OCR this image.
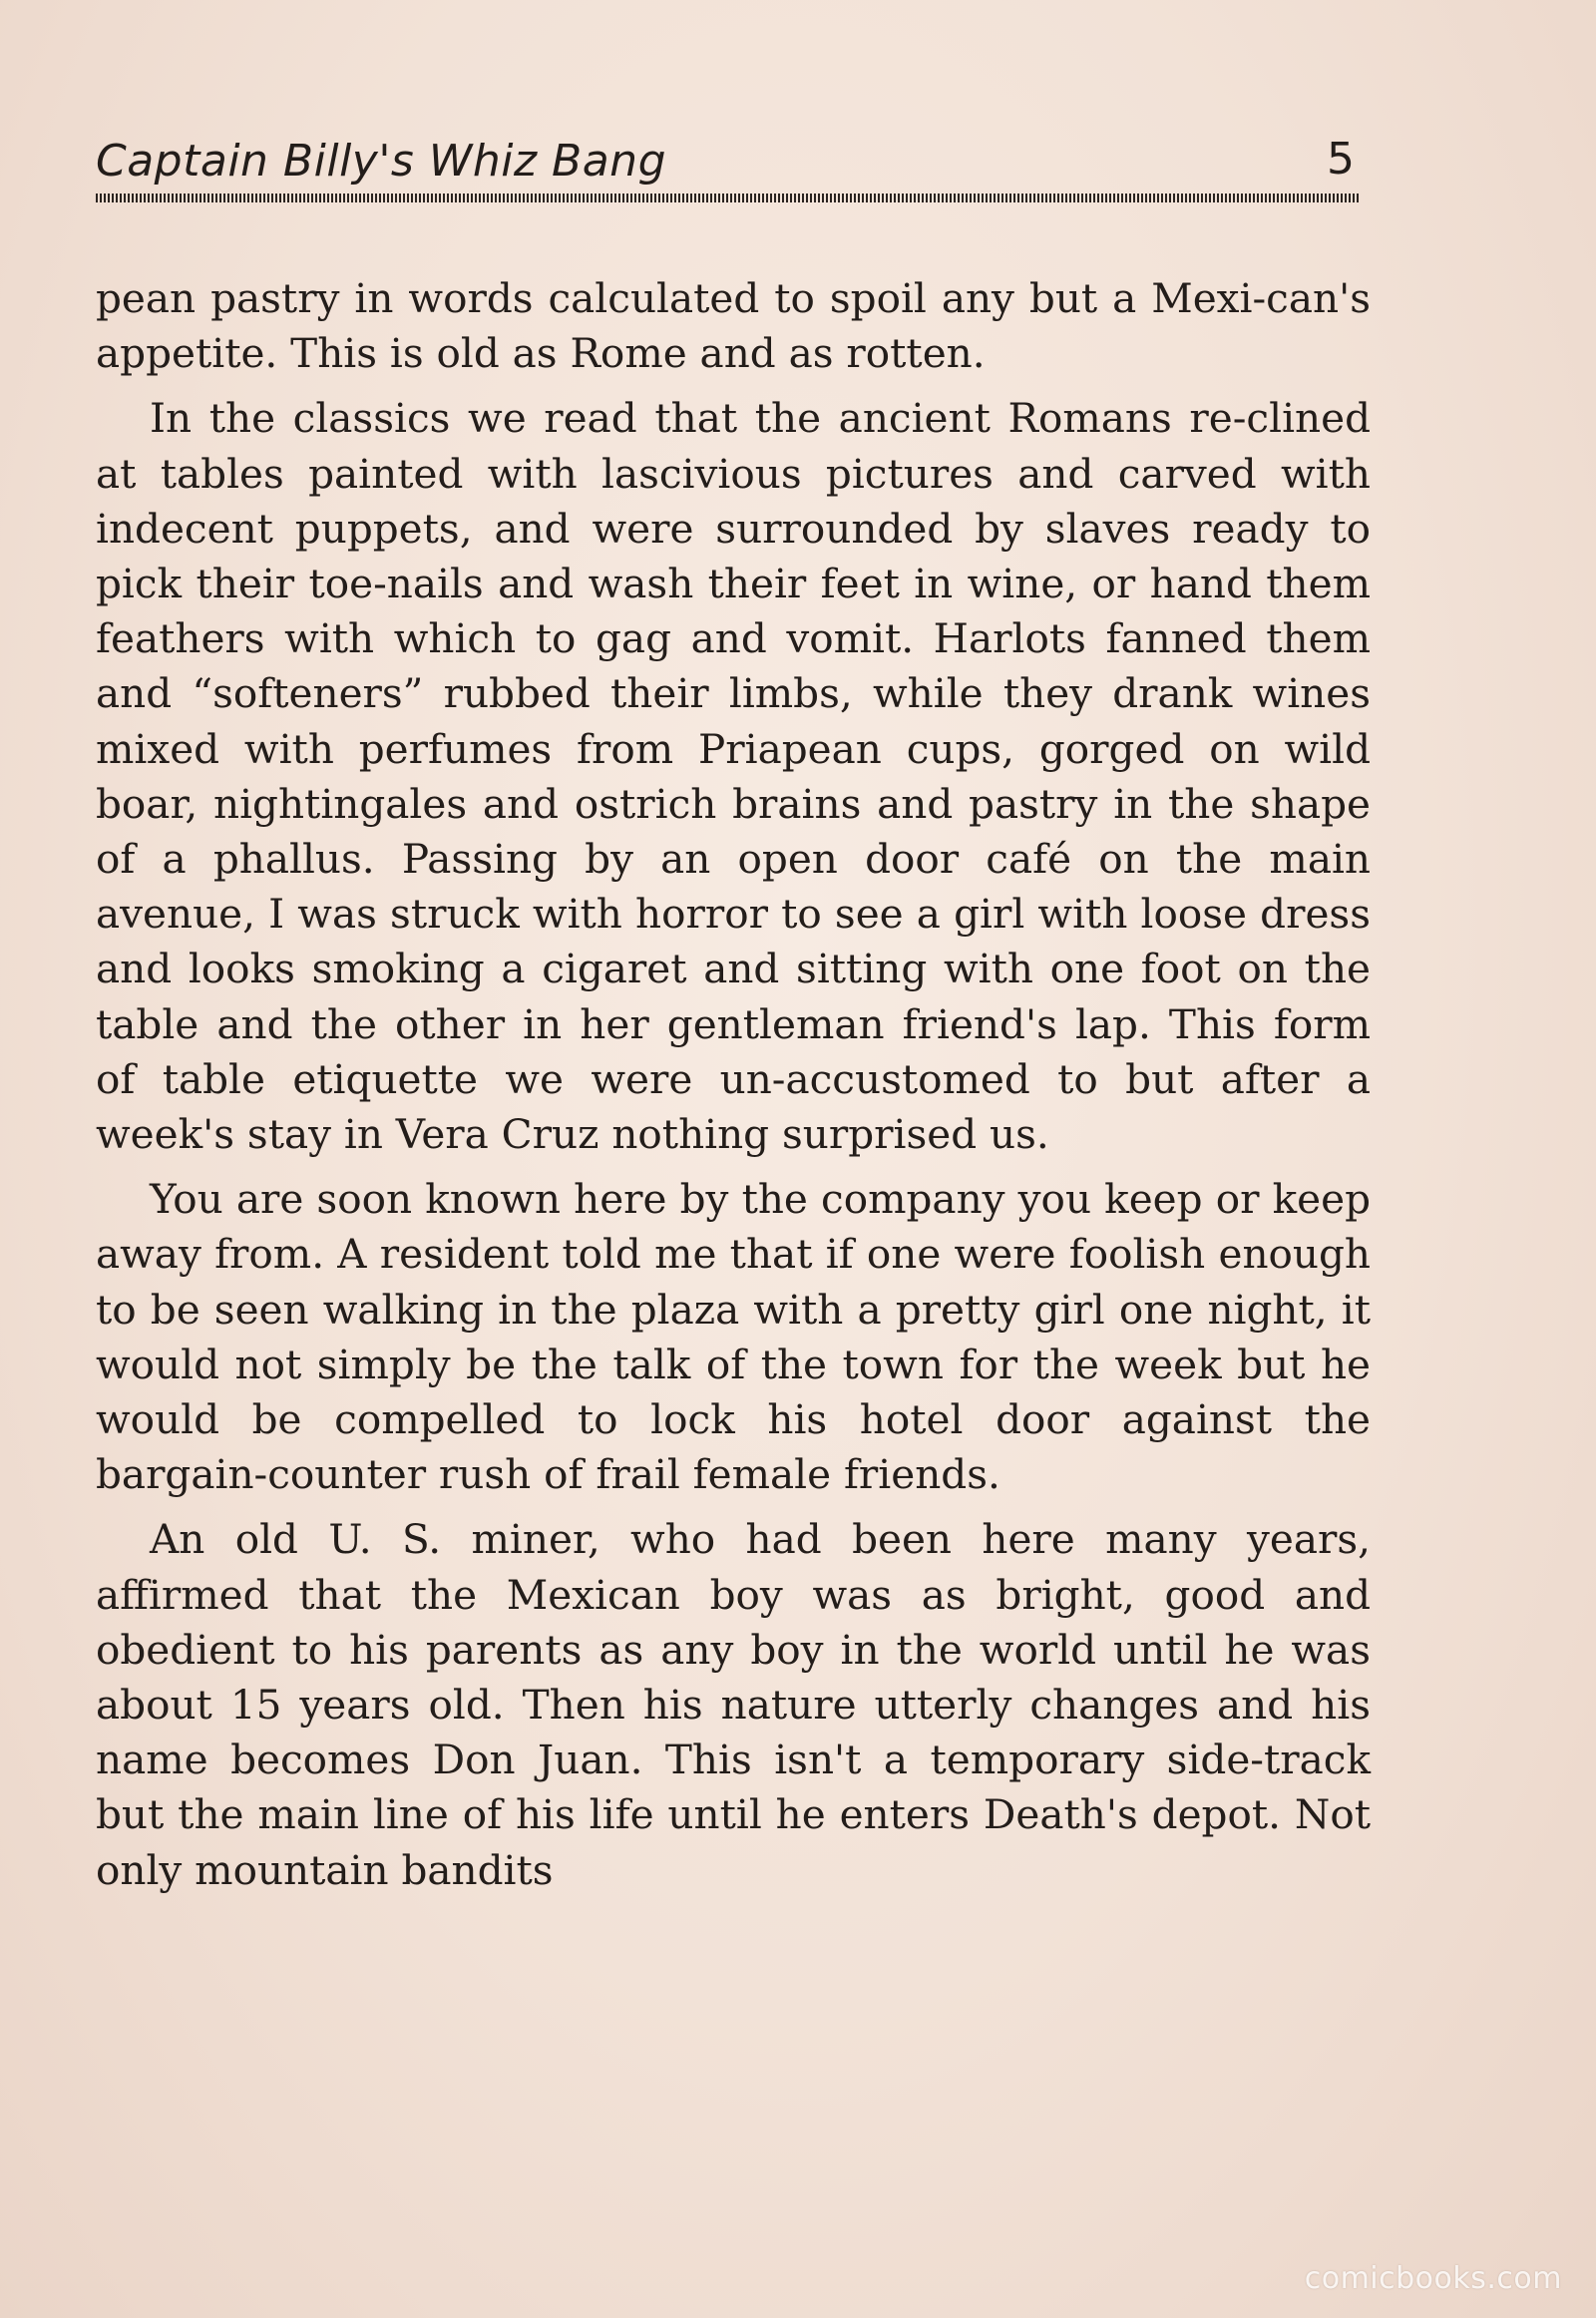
Captain Billy's Whiz Bang	5

pean pastry in words calculated to spoil any but a Mexi-can's appetite. This is old as Rome and as rotten.

In the classics we read that the ancient Romans re-clined at tables painted with lascivious pictures and carved with indecent puppets, and were surrounded by slaves ready to pick their toe-nails and wash their feet in wine, or hand them feathers with which to gag and vomit. Harlots fanned them and “softeners” rubbed their limbs, while they drank wines mixed with perfumes from Priapean cups, gorged on wild boar, nightingales and ostrich brains and pastry in the shape of a phallus. Passing by an open door café on the main avenue, I was struck with horror to see a girl with loose dress and looks smoking a cigaret and sitting with one foot on the table and the other in her gentleman friend's lap. This form of table etiquette we were un-accustomed to but after a week's stay in Vera Cruz nothing surprised us.

You are soon known here by the company you keep or keep away from. A resident told me that if one were foolish enough to be seen walking in the plaza with a pretty girl one night, it would not simply be the talk of the town for the week but he would be compelled to lock his hotel door against the bargain-counter rush of frail female friends.

An old U. S. miner, who had been here many years, affirmed that the Mexican boy was as bright, good and obedient to his parents as any boy in the world until he was about 15 years old. Then his nature utterly changes and his name becomes Don Juan. This isn't a temporary side-track but the main line of his life until he enters Death's depot. Not only mountain bandits

comicbooks.com
